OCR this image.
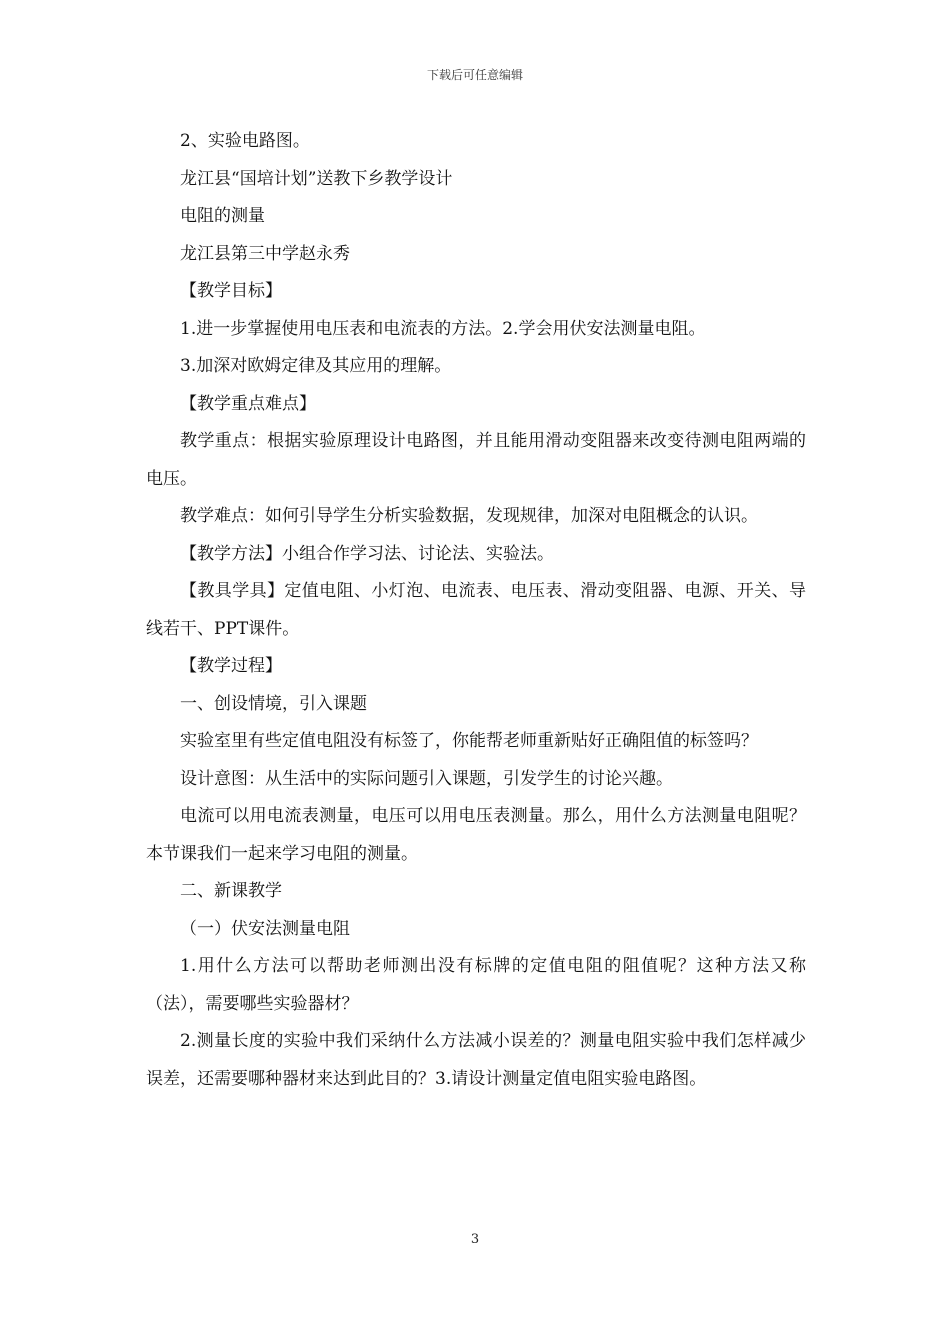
下载后可任意编辑

2、实验电路图。

龙江县“国培计划”送教下乡教学设计

电阻的测量

龙江县第三中学赵永秀

【教学目标】

1.进一步掌握使用电压表和电流表的方法。2.学会用伏安法测量电阻。

3.加深对欧姆定律及其应用的理解。

【教学重点难点】

教学重点：根据实验原理设计电路图，并且能用滑动变阻器来改变待测电阻两端的电压。

教学难点：如何引导学生分析实验数据，发现规律，加深对电阻概念的认识。

【教学方法】小组合作学习法、讨论法、实验法。

【教具学具】定值电阻、小灯泡、电流表、电压表、滑动变阻器、电源、开关、导线若干、PPT课件。

【教学过程】

一、创设情境，引入课题

实验室里有些定值电阻没有标签了，你能帮老师重新贴好正确阻值的标签吗？

设计意图：从生活中的实际问题引入课题，引发学生的讨论兴趣。

电流可以用电流表测量，电压可以用电压表测量。那么，用什么方法测量电阻呢？本节课我们一起来学习电阻的测量。

二、新课教学

（一）伏安法测量电阻

1.用什么方法可以帮助老师测出没有标牌的定值电阻的阻值呢？这种方法又称（法），需要哪些实验器材？

2.测量长度的实验中我们采纳什么方法减小误差的？测量电阻实验中我们怎样减少误差，还需要哪种器材来达到此目的？3.请设计测量定值电阻实验电路图。

3
